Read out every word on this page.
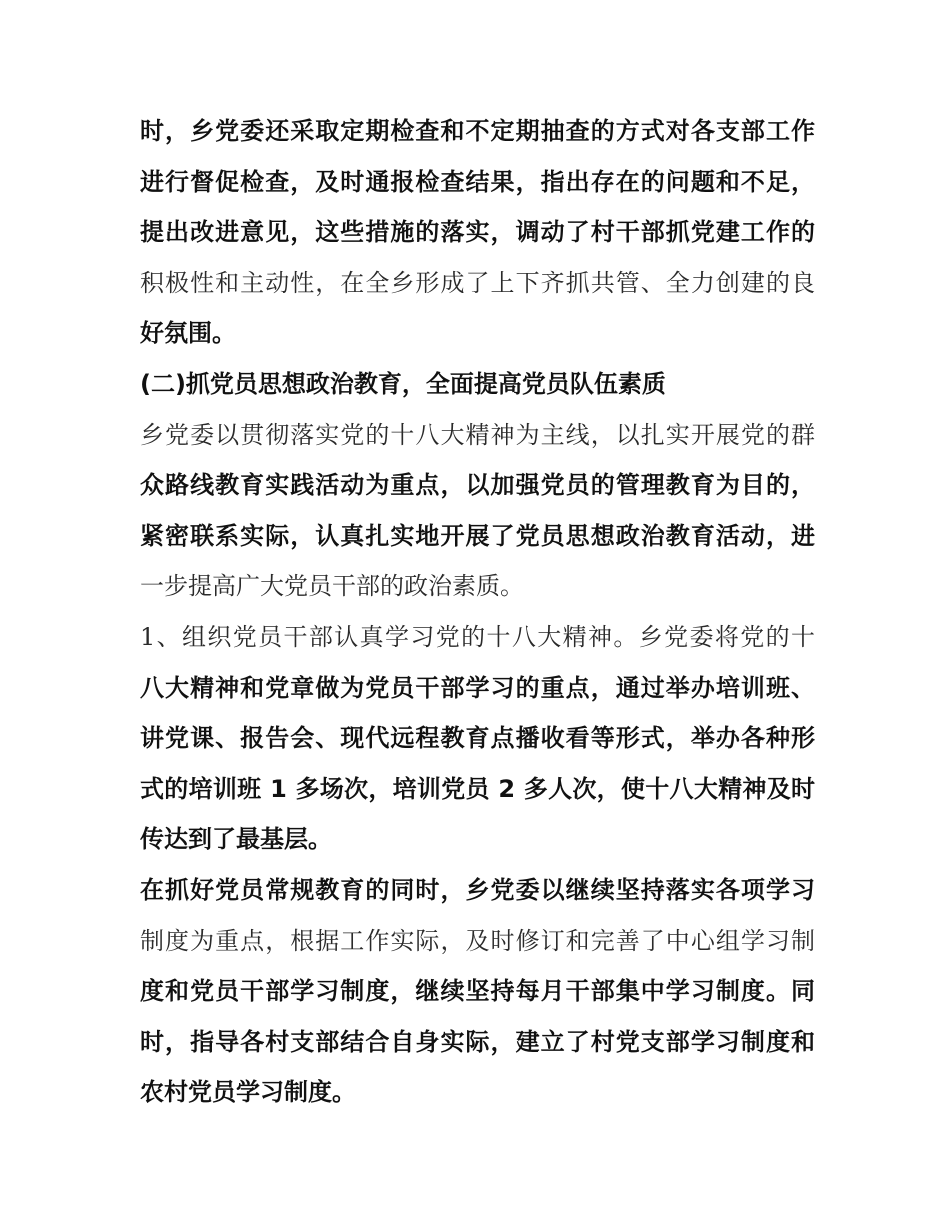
时，乡党委还采取定期检查和不定期抽查的方式对各支部工作
进行督促检查，及时通报检查结果，指出存在的问题和不足，
提出改进意见，这些措施的落实，调动了村干部抓党建工作的
积极性和主动性，在全乡形成了上下齐抓共管、全力创建的良
好氛围。
(二)抓党员思想政治教育，全面提高党员队伍素质
乡党委以贯彻落实党的十八大精神为主线，以扎实开展党的群
众路线教育实践活动为重点，以加强党员的管理教育为目的，
紧密联系实际，认真扎实地开展了党员思想政治教育活动，进
一步提高广大党员干部的政治素质。
1、组织党员干部认真学习党的十八大精神。乡党委将党的十
八大精神和党章做为党员干部学习的重点，通过举办培训班、
讲党课、报告会、现代远程教育点播收看等形式，举办各种形
式的培训班 1 多场次，培训党员 2 多人次，使十八大精神及时
传达到了最基层。
在抓好党员常规教育的同时，乡党委以继续坚持落实各项学习
制度为重点，根据工作实际，及时修订和完善了中心组学习制
度和党员干部学习制度，继续坚持每月干部集中学习制度。同
时，指导各村支部结合自身实际，建立了村党支部学习制度和
农村党员学习制度。
